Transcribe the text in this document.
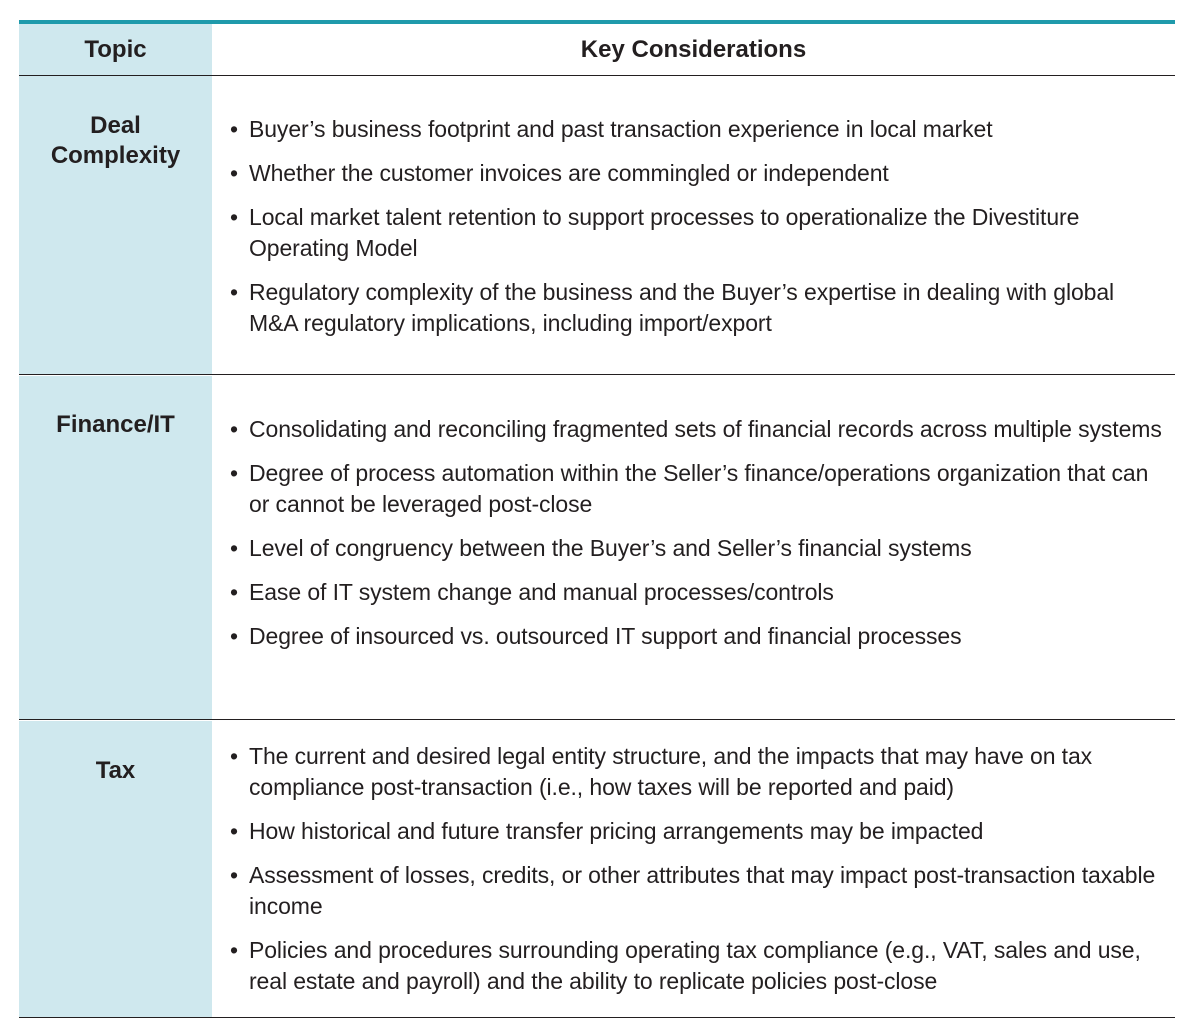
Topic	Key Considerations
Deal Complexity
• Buyer’s business footprint and past transaction experience in local market
• Whether the customer invoices are commingled or independent
• Local market talent retention to support processes to operationalize the Divestiture Operating Model
• Regulatory complexity of the business and the Buyer’s expertise in dealing with global M&A regulatory implications, including import/export
Finance/IT	• Consolidating and reconciling fragmented sets of financial records across multiple systems
• Degree of process automation within the Seller’s finance/operations organization that can or cannot be leveraged post-close
• Level of congruency between the Buyer’s and Seller’s financial systems
• Ease of IT system change and manual processes/controls
• Degree of insourced vs. outsourced IT support and financial processes
Tax
• The current and desired legal entity structure, and the impacts that may have on tax compliance post-transaction (i.e., how taxes will be reported and paid)
• How historical and future transfer pricing arrangements may be impacted
• Assessment of losses, credits, or other attributes that may impact post-transaction taxable income
• Policies and procedures surrounding operating tax compliance (e.g., VAT, sales and use, real estate and payroll) and the ability to replicate policies post-close
